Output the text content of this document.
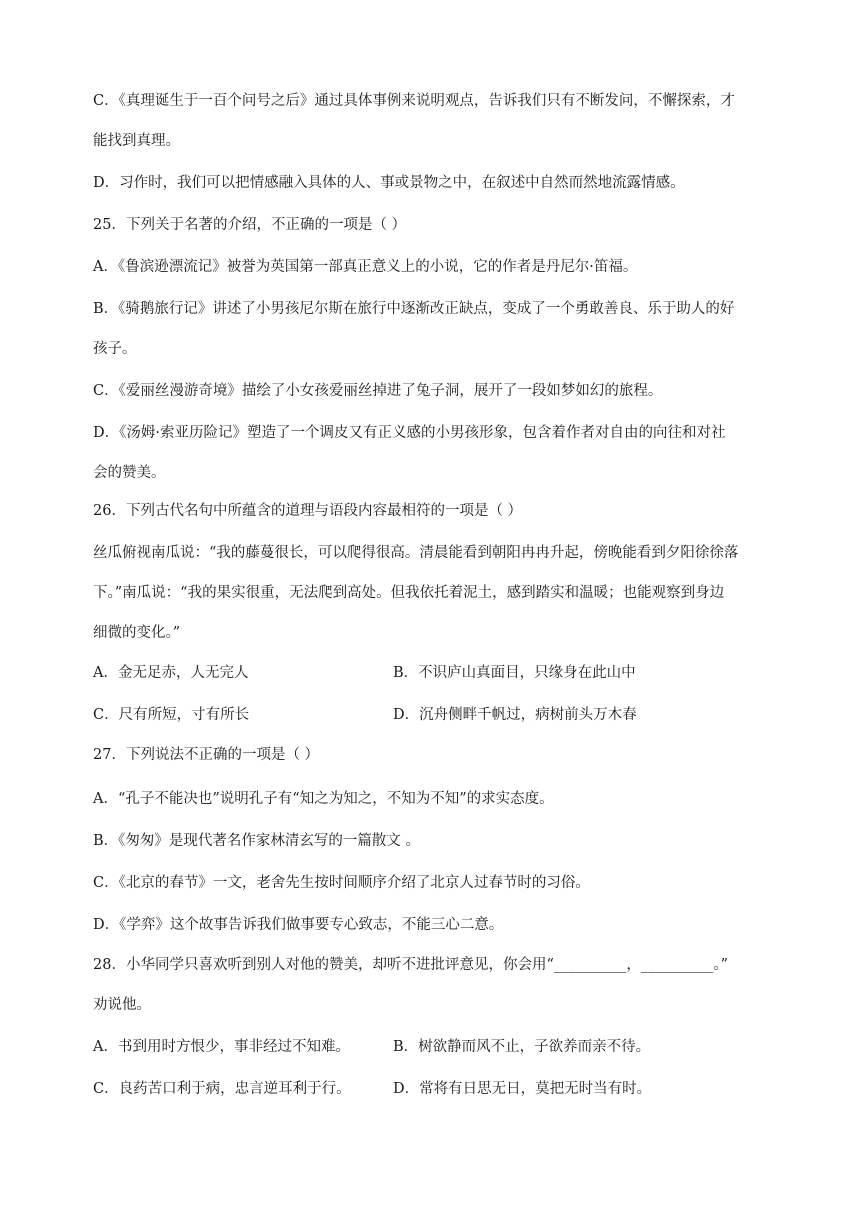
C．《真理诞生于一百个问号之后》通过具体事例来说明观点，告诉我们只有不断发问，不懈探索，才
能找到真理。
D．习作时，我们可以把情感融入具体的人、事或景物之中，在叙述中自然而然地流露情感。
25．下列关于名著的介绍，不正确的一项是（ ）
A．《鲁滨逊漂流记》被誉为英国第一部真正意义上的小说，它的作者是丹尼尔·笛福。
B．《骑鹅旅行记》讲述了小男孩尼尔斯在旅行中逐渐改正缺点，变成了一个勇敢善良、乐于助人的好
孩子。
C．《爱丽丝漫游奇境》描绘了小女孩爱丽丝掉进了兔子洞，展开了一段如梦如幻的旅程。
D．《汤姆·索亚历险记》塑造了一个调皮又有正义感的小男孩形象，包含着作者对自由的向往和对社
会的赞美。
26．下列古代名句中所蕴含的道理与语段内容最相符的一项是（ ）
丝瓜俯视南瓜说：“我的藤蔓很长，可以爬得很高。清晨能看到朝阳冉冉升起，傍晚能看到夕阳徐徐落
下。”南瓜说：“我的果实很重，无法爬到高处。但我依托着泥土，感到踏实和温暖；也能观察到身边
细微的变化。”
A．金无足赤，人无完人	B．不识庐山真面目，只缘身在此山中
C．尺有所短，寸有所长	D．沉舟侧畔千帆过，病树前头万木春
27．下列说法不正确的一项是（ ）
A．“孔子不能决也”说明孔子有“知之为知之，不知为不知”的求实态度。
B．《匆匆》是现代著名作家林清玄写的一篇散文 。
C．《北京的春节》一文，老舍先生按时间顺序介绍了北京人过春节时的习俗。
D．《学弈》这个故事告诉我们做事要专心致志，不能三心二意。
28．小华同学只喜欢听到别人对他的赞美，却听不进批评意见，你会用“__________，__________。”
劝说他。
A．书到用时方恨少，事非经过不知难。	B．树欲静而风不止，子欲养而亲不待。
C．良药苦口利于病，忠言逆耳利于行。	D．常将有日思无日，莫把无时当有时。
